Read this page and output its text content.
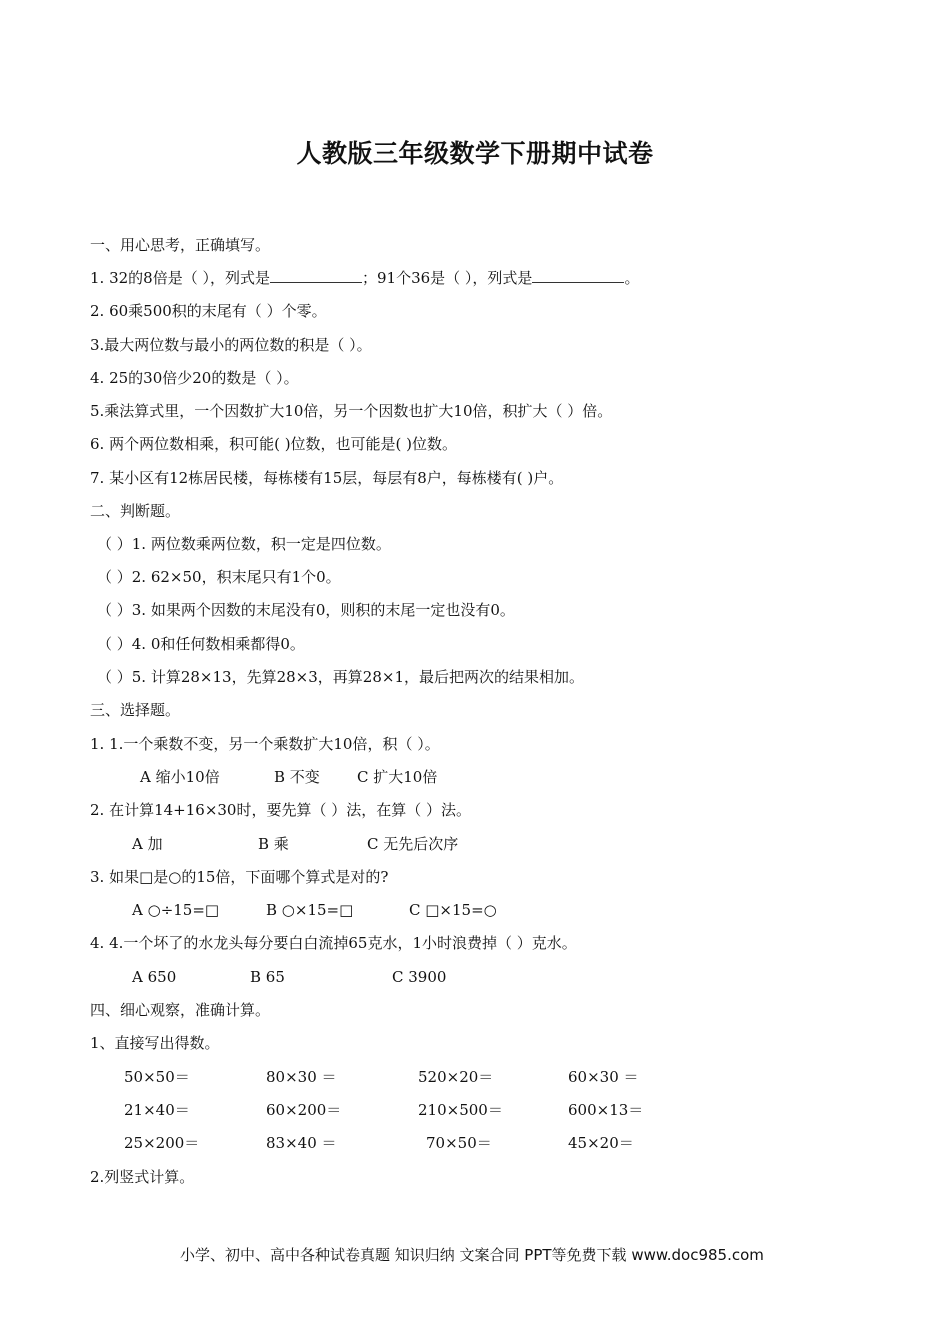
人教版三年级数学下册期中试卷
一、用心思考，正确填写。
1. 32的8倍是（ ），列式是	；91个36是（ ），列式是	。
2. 60乘500积的末尾有（ ）个零。
3.最大两位数与最小的两位数的积是（ ）。
4. 25的30倍少20的数是（ ）。
5.乘法算式里，一个因数扩大10倍，另一个因数也扩大10倍，积扩大（ ）倍。
6. 两个两位数相乘，积可能( )位数，也可能是( )位数。
7. 某小区有12栋居民楼，每栋楼有15层，每层有8户，每栋楼有( )户。
二、判断题。
（ ）1. 两位数乘两位数，积一定是四位数。
（ ）2. 62×50，积末尾只有1个0。
（ ）3. 如果两个因数的末尾没有0，则积的末尾一定也没有0。
（ ）4. 0和任何数相乘都得0。
（ ）5. 计算28×13，先算28×3，再算28×1，最后把两次的结果相加。
三、选择题。
1. 1.一个乘数不变，另一个乘数扩大10倍，积（ ）。
A 缩小10倍	B 不变 C 扩大10倍
2. 在计算14+16×30时，要先算（ ）法，在算（ ）法。
A 加	B 乘	C 无先后次序
3. 如果□是○的15倍，下面哪个算式是对的?
A ○÷15=□	B ○×15=□	C □×15=○
4. 4.一个坏了的水龙头每分要白白流掉65克水，1小时浪费掉（ ）克水。
A 650	B 65	C 3900
四、细心观察，准确计算。
1、直接写出得数。
50×50＝	80×30 ＝	520×20＝	60×30 ＝
21×40＝	60×200＝	210×500＝	600×13＝
25×200＝	83×40 ＝	70×50＝	45×20＝
2.列竖式计算。
小学、初中、高中各种试卷真题 知识归纳 文案合同 PPT等免费下载 www.doc985.com
